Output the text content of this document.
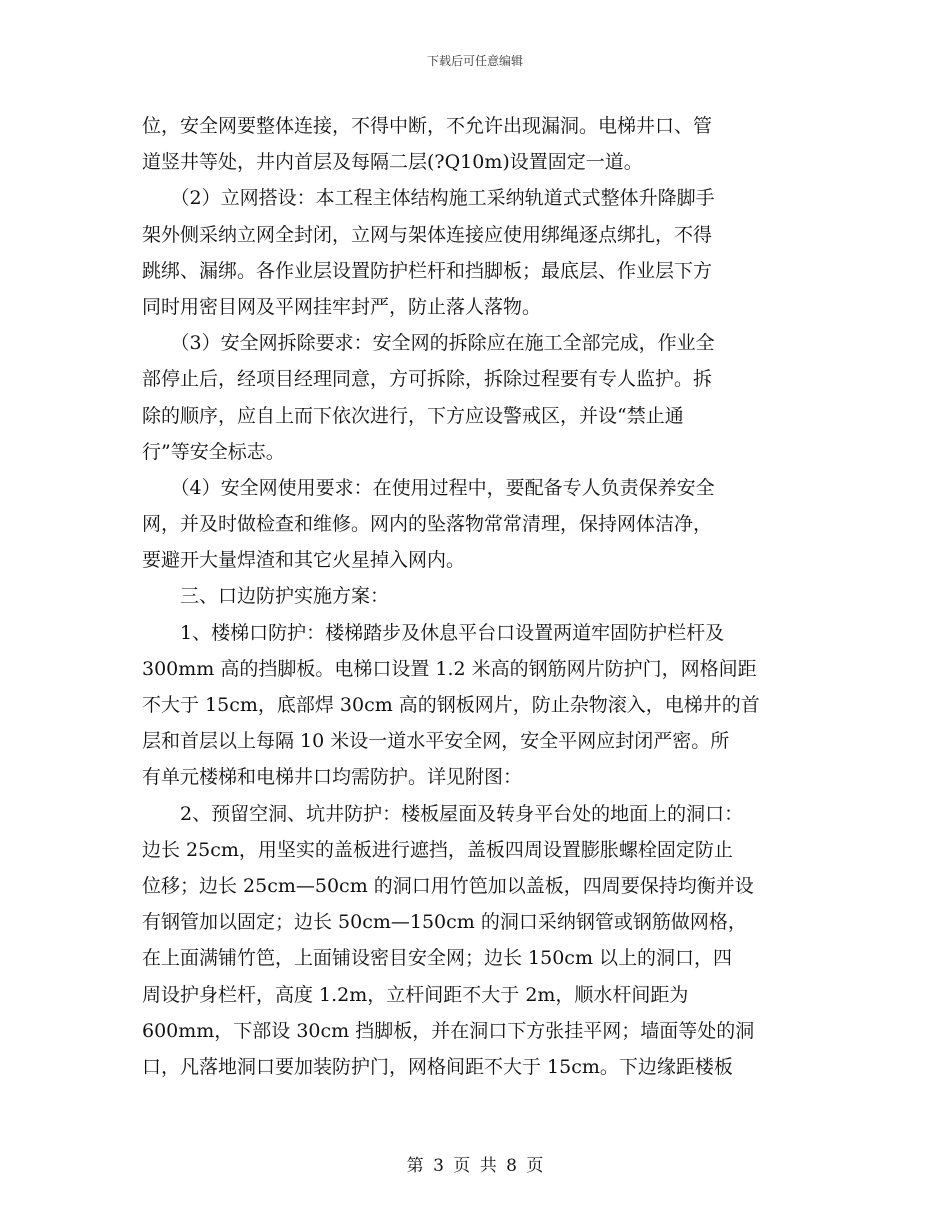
下载后可任意编辑
位，安全网要整体连接，不得中断，不允许出现漏洞。电梯井口、管
道竖井等处，井内首层及每隔二层(?Q10m)设置固定一道。
　　（2）立网搭设：本工程主体结构施工采纳轨道式式整体升降脚手
架外侧采纳立网全封闭，立网与架体连接应使用绑绳逐点绑扎，不得
跳绑、漏绑。各作业层设置防护栏杆和挡脚板；最底层、作业层下方
同时用密目网及平网挂牢封严，防止落人落物。
　　（3）安全网拆除要求：安全网的拆除应在施工全部完成，作业全
部停止后，经项目经理同意，方可拆除，拆除过程要有专人监护。拆
除的顺序，应自上而下依次进行，下方应设警戒区，并设“禁止通
行”等安全标志。
　　（4）安全网使用要求：在使用过程中，要配备专人负责保养安全
网，并及时做检查和维修。网内的坠落物常常清理，保持网体洁净，
要避开大量焊渣和其它火星掉入网内。
　　三、口边防护实施方案：
　　1、楼梯口防护：楼梯踏步及休息平台口设置两道牢固防护栏杆及
300mm 高的挡脚板。电梯口设置 1.2 米高的钢筋网片防护门，网格间距
不大于 15cm，底部焊 30cm 高的钢板网片，防止杂物滚入，电梯井的首
层和首层以上每隔 10 米设一道水平安全网，安全平网应封闭严密。所
有单元楼梯和电梯井口均需防护。详见附图：
　　2、预留空洞、坑井防护：楼板屋面及转身平台处的地面上的洞口：
边长 25cm，用坚实的盖板进行遮挡，盖板四周设置膨胀螺栓固定防止
位移；边长 25cm—50cm 的洞口用竹笆加以盖板，四周要保持均衡并设
有钢管加以固定；边长 50cm—150cm 的洞口采纳钢管或钢筋做网格，
在上面满铺竹笆，上面铺设密目安全网；边长 150cm 以上的洞口，四
周设护身栏杆，高度 1.2m，立杆间距不大于 2m，顺水杆间距为
600mm，下部设 30cm 挡脚板，并在洞口下方张挂平网；墙面等处的洞
口，凡落地洞口要加装防护门，网格间距不大于 15cm。下边缘距楼板
第 3 页 共 8 页
